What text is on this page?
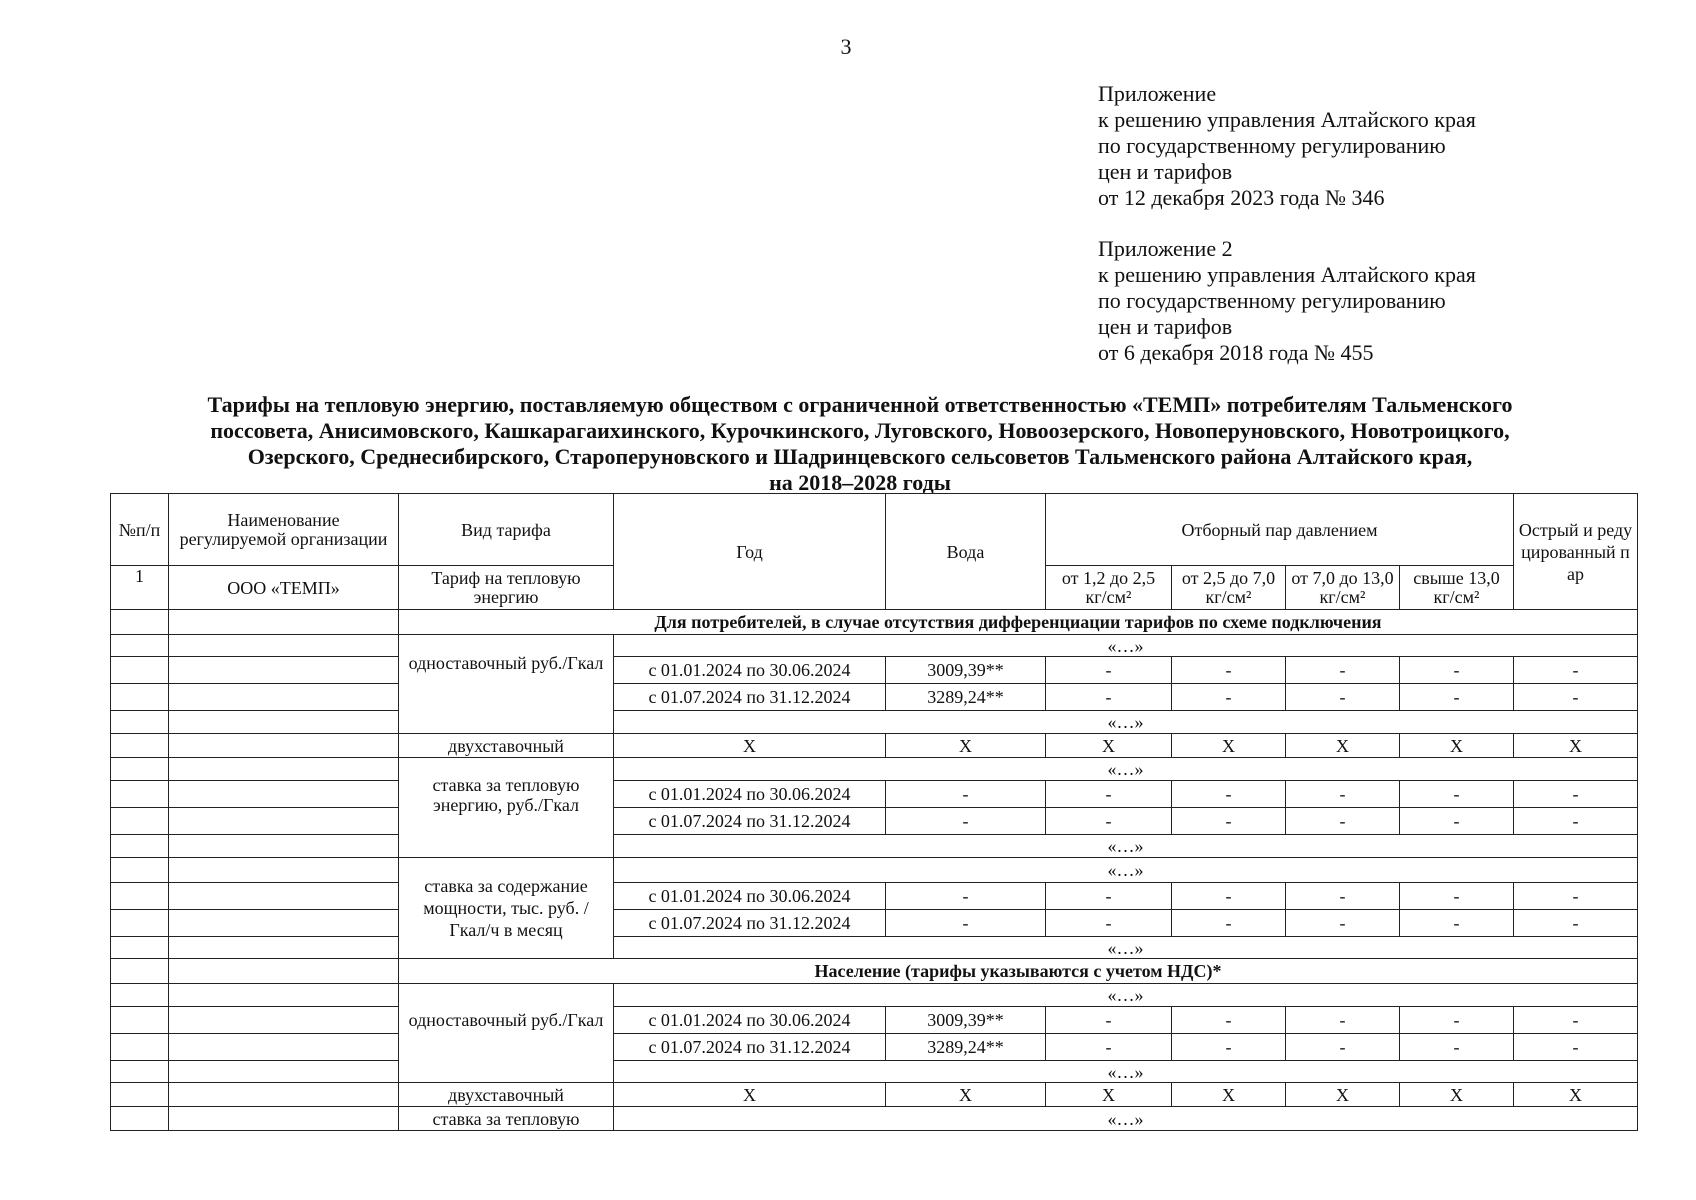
3
Приложение
к решению управления Алтайского края
по государственному регулированию
цен и тарифов
от 12 декабря 2023 года № 346
Приложение 2
к решению управления Алтайского края
по государственному регулированию
цен и тарифов
от 6 декабря 2018 года № 455
Тарифы на тепловую энергию, поставляемую обществом с ограниченной ответственностью «ТЕМП» потребителям Тальменского
поссовета, Анисимовского, Кашкарагаихинского, Курочкинского, Луговского, Новоозерского, Новоперуновского, Новотроицкого,
Озерского, Среднесибирского, Староперуновского и Шадринцевского сельсоветов Тальменского района Алтайского края,
на 2018–2028 годы
№п/п	Наименование регулируемой организации	Вид тарифа	Год	Вода	Отборный пар давлением				Острый и редуцированный пар
1	ООО «ТЕМП»	Тариф на тепловую энергию			от 1,2 до 2,5 кг/см²	от 2,5 до 7,0 кг/см²	от 7,0 до 13,0 кг/см²	свыше 13,0 кг/см²	
		Для потребителей, в случае отсутствия дифференциации тарифов по схеме подключения							
		одноставочный руб./Гкал	«…»						
			с 01.01.2024 по 30.06.2024	3009,39**	-	-	-	-	-
			с 01.07.2024 по 31.12.2024	3289,24**	-	-	-	-	-
			«…»						
		двухставочный	X	X	X	X	X	X	X
		ставка за тепловую энергию, руб./Гкал	«…»						
			с 01.01.2024 по 30.06.2024	-	-	-	-	-	-
			с 01.07.2024 по 31.12.2024	-	-	-	-	-	-
			«…»						
		ставка за содержание мощности, тыс. руб. /Гкал/ч в месяц	«…»						
			с 01.01.2024 по 30.06.2024	-	-	-	-	-	-
			с 01.07.2024 по 31.12.2024	-	-	-	-	-	-
			«…»						
		Население (тарифы указываются с учетом НДС)*							
		одноставочный руб./Гкал	«…»						
			с 01.01.2024 по 30.06.2024	3009,39**	-	-	-	-	-
			с 01.07.2024 по 31.12.2024	3289,24**	-	-	-	-	-
			«…»						
		двухставочный	X	X	X	X	X	X	X
		ставка за тепловую	«…»						
